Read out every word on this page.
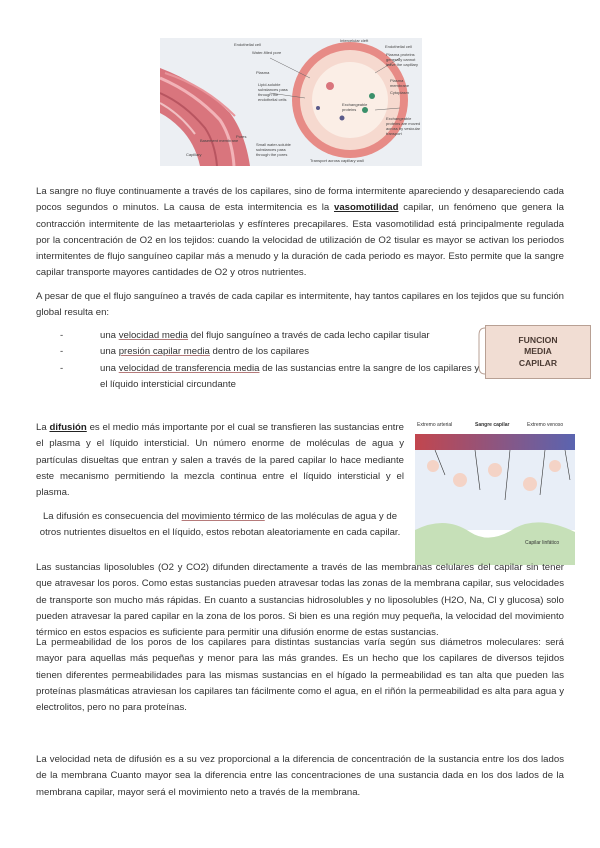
Endothelial cell
Water-filled pore
Intercelular cleft
Endothelial cell
Plasma
Lipid-soluble substances pass through the endothelial cells
Pores
Small water-soluble substances pass through the pores
Capillary
Basement membrane
Plasma proteins generally cannot leave the capillary
Plasma membrane
Cytoplasm
Exchangeable proteins
Exchangeable proteins are moved across by vesicular transport
Transport across capillary wall

La sangre no fluye continuamente a través de los capilares, sino de forma intermitente apareciendo y desapareciendo cada pocos segundos o minutos. La causa de esta intermitencia es la vasomotilidad capilar, un fenómeno que genera la contracción intermitente de las metaarteriolas y esfínteres precapilares. Esta vasomotilidad está principalmente regulada por la concentración de O2 en los tejidos: cuando la velocidad de utilización de O2 tisular es mayor se activan los periodos intermitentes de flujo sanguíneo capilar más a menudo y la duración de cada periodo es mayor. Esto permite que la sangre capilar transporte mayores cantidades de O2 y otros nutrientes.

A pesar de que el flujo sanguíneo a través de cada capilar es intermitente, hay tantos capilares en los tejidos que su función global resulta en:

-	una velocidad media del flujo sanguíneo a través de cada lecho capilar tisular
-	una presión capilar media dentro de los capilares
-	una velocidad de transferencia media de las sustancias entre la sangre de los capilares y el líquido intersticial circundante
FUNCION
MEDIA
CAPILAR

La difusión es el medio más importante por el cual se transfieren las sustancias entre el plasma y el líquido intersticial. Un número enorme de moléculas de agua y partículas disueltas que entran y salen a través de la pared capilar lo hace mediante este mecanismo permitiendo la mezcla continua entre el líquido intersticial y el plasma.

La difusión es consecuencia del movimiento térmico de las moléculas de agua y de otros nutrientes disueltos en el líquido, estos rebotan aleatoriamente en cada capilar.

Extremo arterial	Sangre capilar	Extremo venoso
Capilar linfático

Las sustancias liposolubles (O2 y CO2) difunden directamente a través de las membranas celulares del capilar sin tener que atravesar los poros. Como estas sustancias pueden atravesar todas las zonas de la membrana capilar, sus velocidades de transporte son mucho más rápidas. En cuanto a sustancias hidrosolubles y no liposolubles (H2O, Na, Cl y glucosa) solo pueden atravesar la pared capilar en la zona de los poros. Si bien es una región muy pequeña, la velocidad del movimiento térmico en estos espacios es suficiente para permitir una difusión enorme de estas sustancias.

La permeabilidad de los poros de los capilares para distintas sustancias varía según sus diámetros moleculares: será mayor para aquellas más pequeñas y menor para las más grandes. Es un hecho que los capilares de diversos tejidos tienen diferentes permeabilidades para las mismas sustancias en el hígado la permeabilidad es tan alta que pueden las proteínas plasmáticas atraviesan los capilares tan fácilmente como el agua, en el riñón la permeabilidad es alta para agua y electrolitos, pero no para proteínas.

La velocidad neta de difusión es a su vez proporcional a la diferencia de concentración de la sustancia entre los dos lados de la membrana Cuanto mayor sea la diferencia entre las concentraciones de una sustancia dada en los dos lados de la membrana capilar, mayor será el movimiento neto a través de la membrana.
